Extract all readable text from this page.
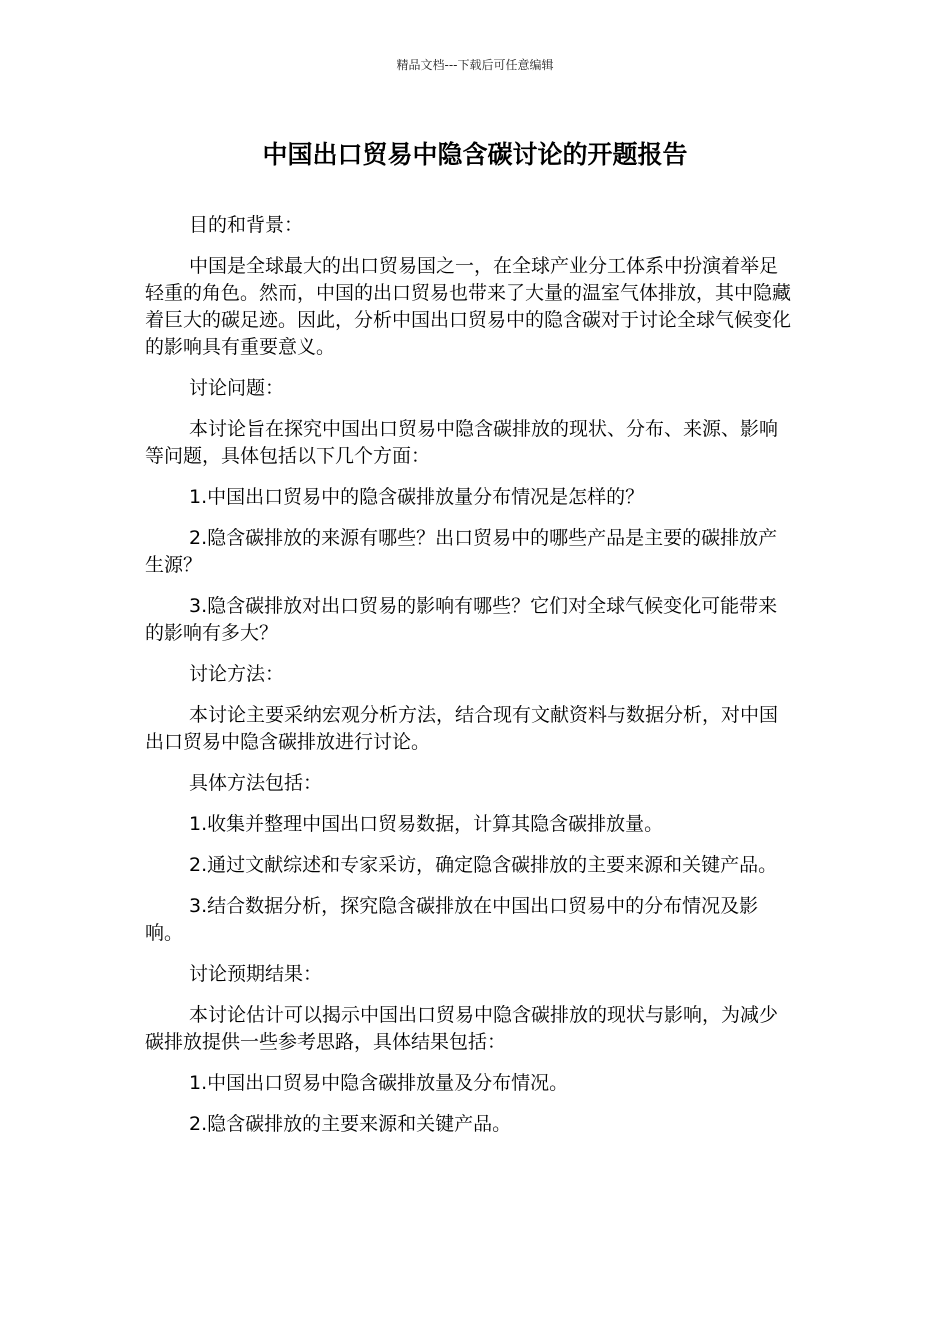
精品文档---下载后可任意编辑
中国出口贸易中隐含碳讨论的开题报告

目的和背景：

中国是全球最大的出口贸易国之一，在全球产业分工体系中扮演着举足轻重的角色。然而，中国的出口贸易也带来了大量的温室气体排放，其中隐藏着巨大的碳足迹。因此，分析中国出口贸易中的隐含碳对于讨论全球气候变化的影响具有重要意义。

讨论问题：

本讨论旨在探究中国出口贸易中隐含碳排放的现状、分布、来源、影响等问题，具体包括以下几个方面：

1.中国出口贸易中的隐含碳排放量分布情况是怎样的？

2.隐含碳排放的来源有哪些？出口贸易中的哪些产品是主要的碳排放产生源？

3.隐含碳排放对出口贸易的影响有哪些？它们对全球气候变化可能带来的影响有多大？

讨论方法：

本讨论主要采纳宏观分析方法，结合现有文献资料与数据分析，对中国出口贸易中隐含碳排放进行讨论。

具体方法包括：

1.收集并整理中国出口贸易数据，计算其隐含碳排放量。

2.通过文献综述和专家采访，确定隐含碳排放的主要来源和关键产品。

3.结合数据分析，探究隐含碳排放在中国出口贸易中的分布情况及影响。

讨论预期结果：

本讨论估计可以揭示中国出口贸易中隐含碳排放的现状与影响，为减少碳排放提供一些参考思路，具体结果包括：

1.中国出口贸易中隐含碳排放量及分布情况。

2.隐含碳排放的主要来源和关键产品。
